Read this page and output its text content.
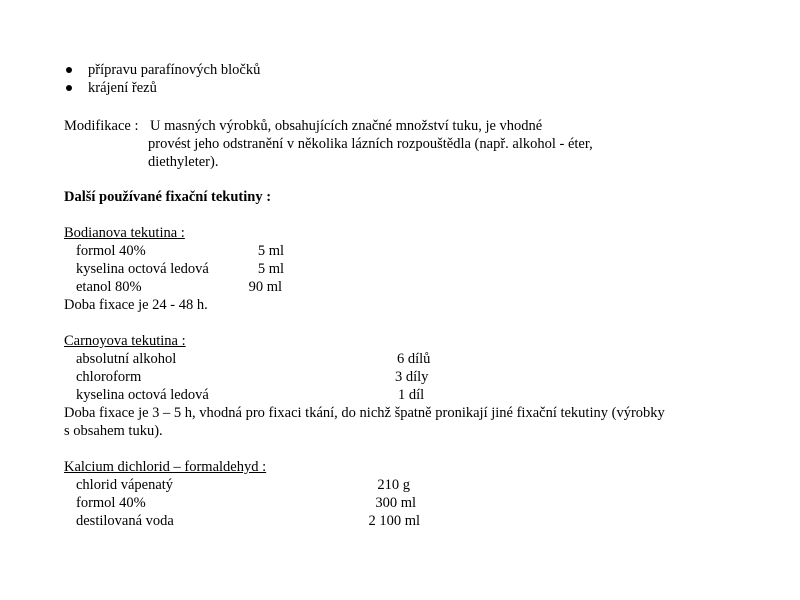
přípravu parafínových bločků
krájení řezů
Modifikace : U masných výrobků, obsahujících značné množství tuku, je vhodné
provést jeho odstranění v několika lázních rozpouštědla (např. alkohol - éter,
diethyleter).
Další používané fixační tekutiny :
Bodianova tekutina :
formol 40%	5 ml
kyselina octová ledová	5 ml
etanol 80%	90 ml
Doba fixace je 24 - 48 h.
Carnoyova tekutina :
absolutní alkohol	6 dílů
chloroform	3 díly
kyselina octová ledová	1 díl
Doba fixace je 3 – 5 h, vhodná pro fixaci tkání, do nichž špatně pronikají jiné fixační tekutiny (výrobky
s obsahem tuku).
Kalcium dichlorid – formaldehyd :
chlorid vápenatý	210 g
formol 40%	300 ml
destilovaná voda	2 100 ml
